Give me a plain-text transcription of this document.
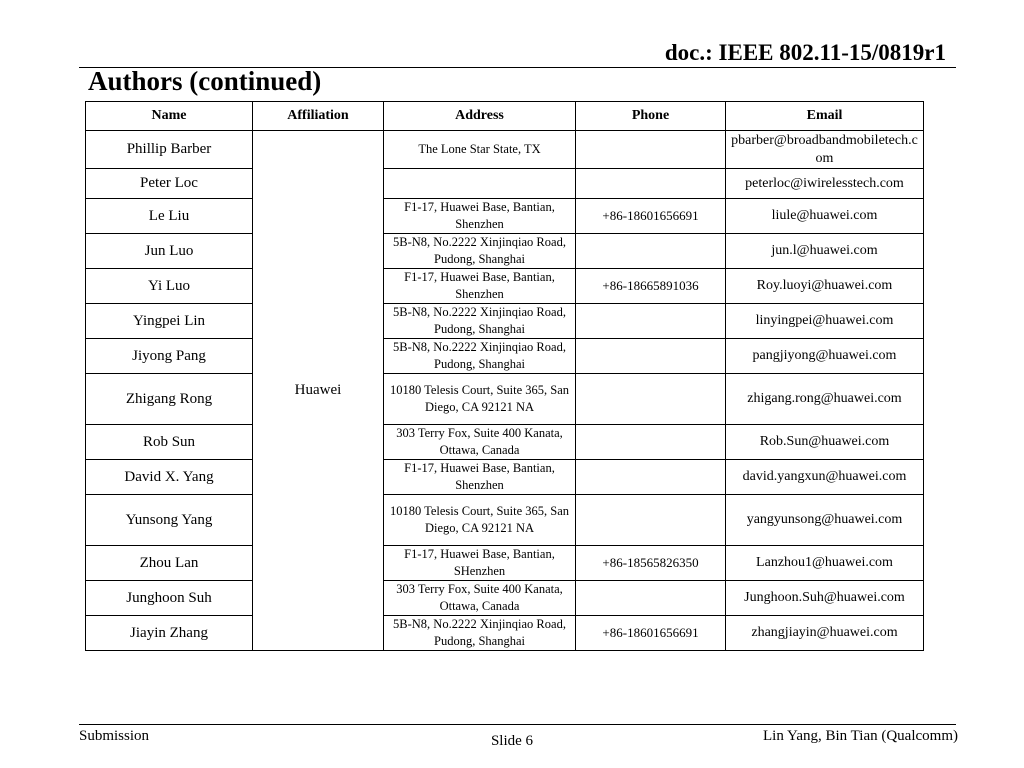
doc.: IEEE 802.11-15/0819r1
Authors (continued)
Name	Affiliation	Address	Phone	Email
Phillip Barber	Huawei	The Lone Star State, TX		pbarber@broadbandmobiletech.com
Peter Loc				peterloc@iwirelesstech.com
Le Liu		F1-17, Huawei Base, Bantian, Shenzhen	+86-18601656691	liule@huawei.com
Jun Luo		5B-N8, No.2222 Xinjinqiao Road, Pudong, Shanghai		jun.l@huawei.com
Yi Luo		F1-17, Huawei Base, Bantian, Shenzhen	+86-18665891036	Roy.luoyi@huawei.com
Yingpei Lin		5B-N8, No.2222 Xinjinqiao Road, Pudong, Shanghai		linyingpei@huawei.com
Jiyong Pang		5B-N8, No.2222 Xinjinqiao Road, Pudong, Shanghai		pangjiyong@huawei.com
Zhigang Rong		10180 Telesis Court, Suite 365, San Diego, CA 92121 NA		zhigang.rong@huawei.com
Rob Sun		303 Terry Fox, Suite 400 Kanata, Ottawa, Canada		Rob.Sun@huawei.com
David X. Yang		F1-17, Huawei Base, Bantian, Shenzhen		david.yangxun@huawei.com
Yunsong Yang		10180 Telesis Court, Suite 365, San Diego, CA 92121 NA		yangyunsong@huawei.com
Zhou Lan		F1-17, Huawei Base, Bantian, SHenzhen	+86-18565826350	Lanzhou1@huawei.com
Junghoon Suh		303 Terry Fox, Suite 400 Kanata, Ottawa, Canada		Junghoon.Suh@huawei.com
Jiayin Zhang		5B-N8, No.2222 Xinjinqiao Road, Pudong, Shanghai	+86-18601656691	zhangjiayin@huawei.com
Submission	Slide 6	Lin Yang, Bin Tian (Qualcomm)
